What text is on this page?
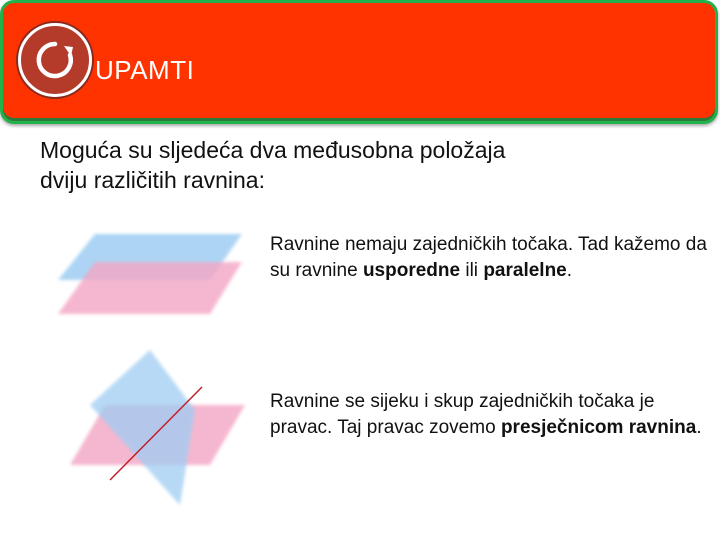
UPAMTI
Moguća su sljedeća dva međusobna položaja
dviju različitih ravnina:
Ravnine nemaju zajedničkih točaka. Tad kažemo da su ravnine usporedne ili paralelne.
Ravnine se sijeku i skup zajedničkih točaka je pravac. Taj pravac zovemo presječnicom ravnina.
